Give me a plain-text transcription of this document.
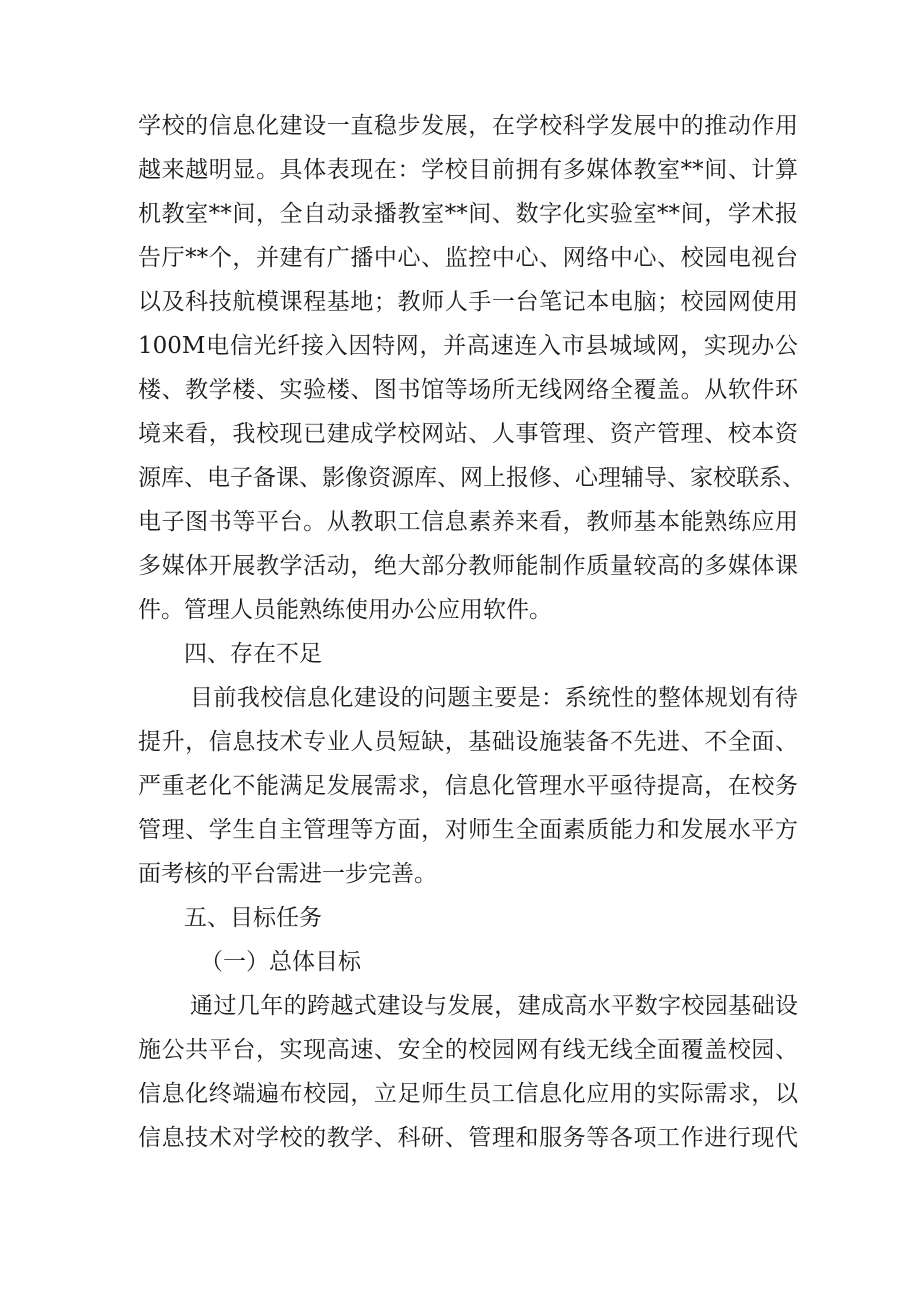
学校的信息化建设一直稳步发展，在学校科学发展中的推动作用
越来越明显。具体表现在：学校目前拥有多媒体教室**间、计算
机教室**间，全自动录播教室**间、数字化实验室**间，学术报
告厅**个，并建有广播中心、监控中心、网络中心、校园电视台
以及科技航模课程基地；教师人手一台笔记本电脑；校园网使用
100M电信光纤接入因特网，并高速连入市县城域网，实现办公
楼、教学楼、实验楼、图书馆等场所无线网络全覆盖。从软件环
境来看，我校现已建成学校网站、人事管理、资产管理、校本资
源库、电子备课、影像资源库、网上报修、心理辅导、家校联系、
电子图书等平台。从教职工信息素养来看，教师基本能熟练应用
多媒体开展教学活动，绝大部分教师能制作质量较高的多媒体课
件。管理人员能熟练使用办公应用软件。
四、存在不足
目前我校信息化建设的问题主要是：系统性的整体规划有待
提升，信息技术专业人员短缺，基础设施装备不先进、不全面、
严重老化不能满足发展需求，信息化管理水平亟待提高，在校务
管理、学生自主管理等方面，对师生全面素质能力和发展水平方
面考核的平台需进一步完善。
五、目标任务
（一）总体目标
通过几年的跨越式建设与发展，建成高水平数字校园基础设
施公共平台，实现高速、安全的校园网有线无线全面覆盖校园、
信息化终端遍布校园，立足师生员工信息化应用的实际需求，以
信息技术对学校的教学、科研、管理和服务等各项工作进行现代
